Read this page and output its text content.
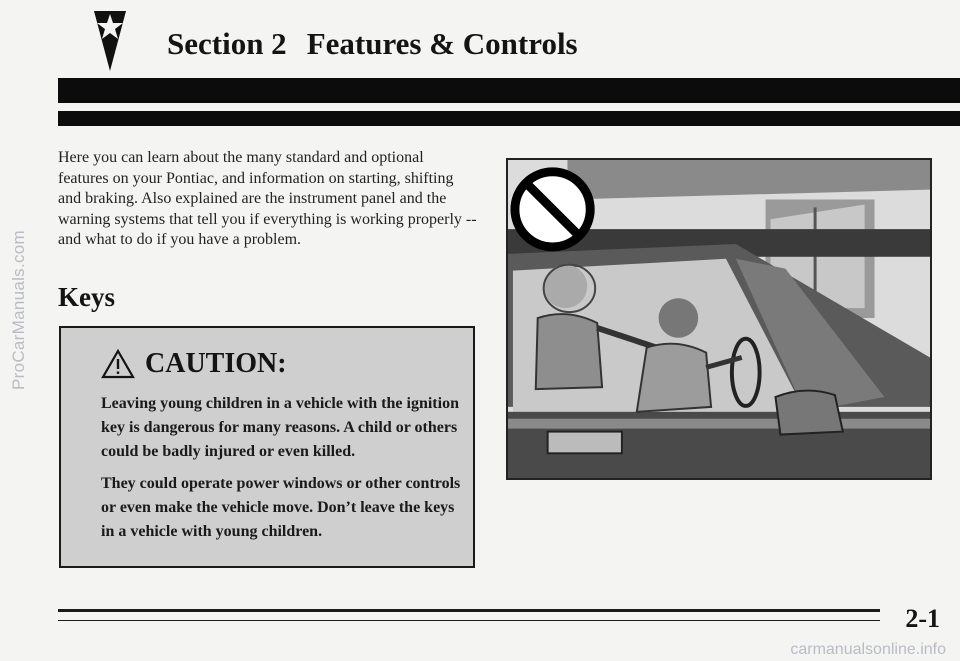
ProCarManuals.com
Section 2 Features & Controls

Here you can learn about the many standard and optional features on your Pontiac, and information on starting, shifting and braking. Also explained are the instrument panel and the warning systems that tell you if everything is working properly -- and what to do if you have a problem.

Keys
CAUTION:

Leaving young children in a vehicle with the ignition key is dangerous for many reasons. A child or others could be badly injured or even killed.

They could operate power windows or other controls or even make the vehicle move. Don’t leave the keys in a vehicle with young children.

2-1
carmanualsonline.info
